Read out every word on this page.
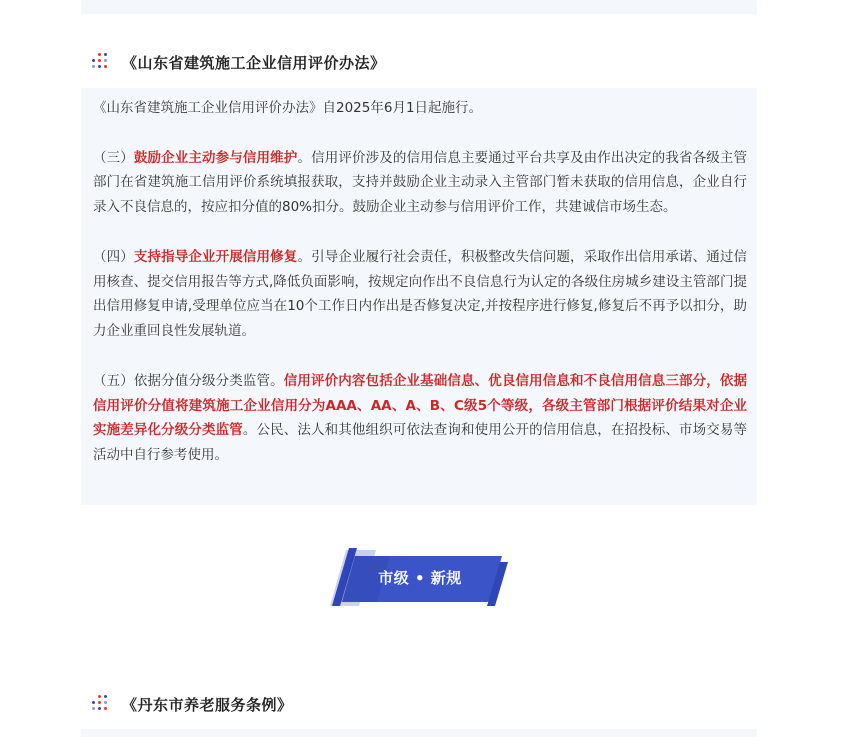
《山东省建筑施工企业信用评价办法》

《山东省建筑施工企业信用评价办法》自2025年6月1日起施行。

（三）鼓励企业主动参与信用维护。信用评价涉及的信用信息主要通过平台共享及由作出决定的我省各级主管部门在省建筑施工信用评价系统填报获取，支持并鼓励企业主动录入主管部门暂未获取的信用信息，企业自行录入不良信息的，按应扣分值的80%扣分。鼓励企业主动参与信用评价工作，共建诚信市场生态。

（四）支持指导企业开展信用修复。引导企业履行社会责任，积极整改失信问题，采取作出信用承诺、通过信用核查、提交信用报告等方式,降低负面影响，按规定向作出不良信息行为认定的各级住房城乡建设主管部门提出信用修复申请,受理单位应当在10个工作日内作出是否修复决定,并按程序进行修复,修复后不再予以扣分，助力企业重回良性发展轨道。

（五）依据分值分级分类监管。信用评价内容包括企业基础信息、优良信用信息和不良信用信息三部分，依据信用评价分值将建筑施工企业信用分为AAA、AA、A、B、C级5个等级，各级主管部门根据评价结果对企业实施差异化分级分类监管。公民、法人和其他组织可依法查询和使用公开的信用信息，在招投标、市场交易等活动中自行参考使用。

市级 • 新规
《丹东市养老服务条例》
